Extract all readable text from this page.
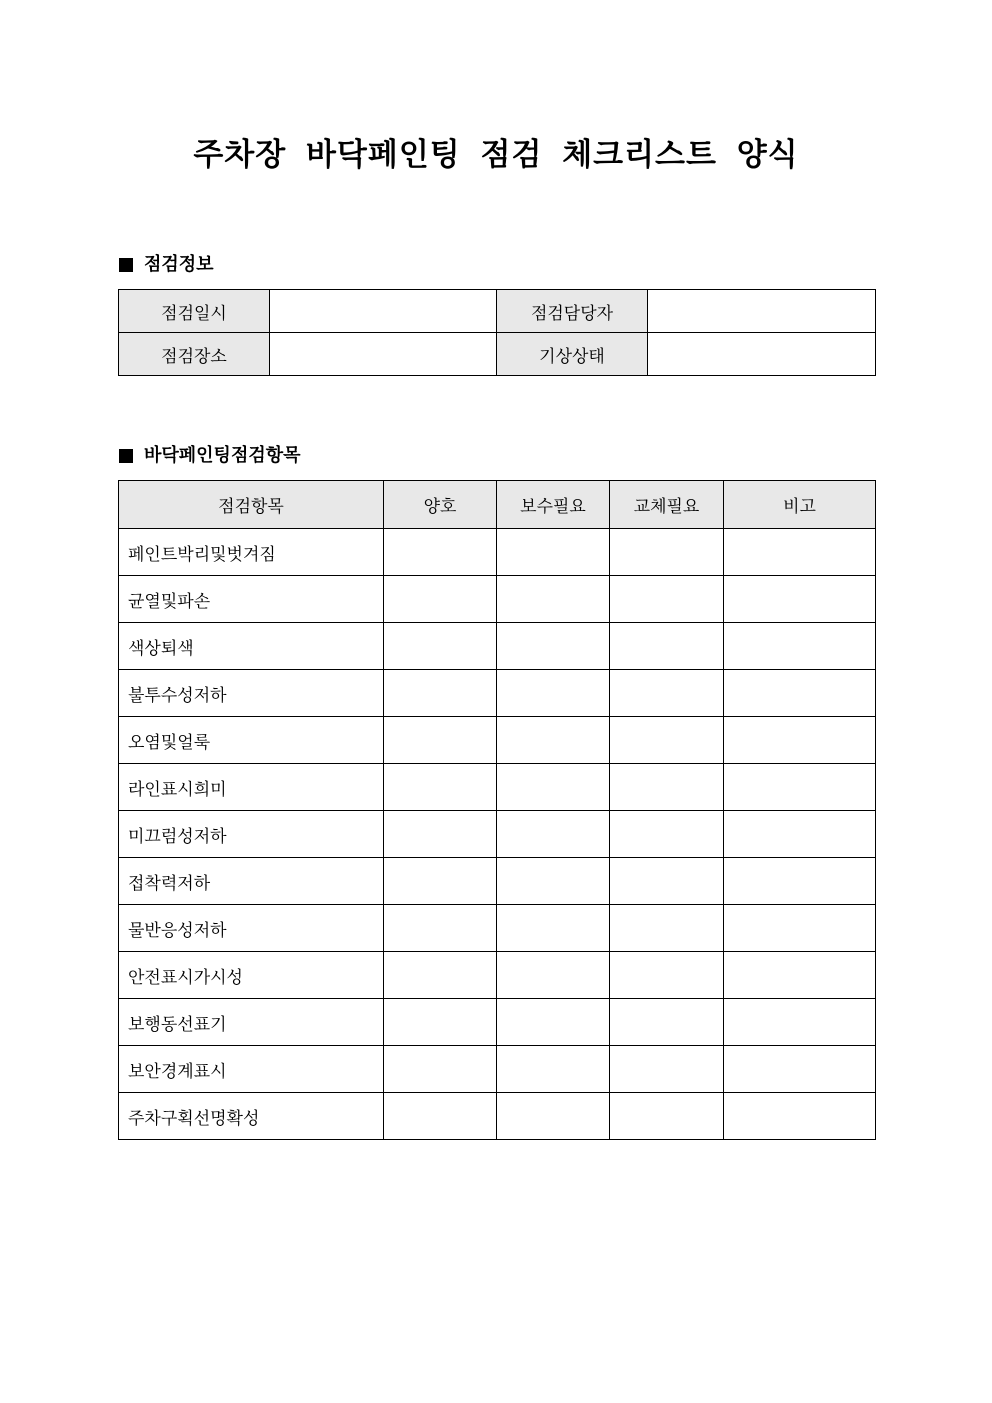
주차장 바닥페인팅 점검 체크리스트 양식
점검정보
점검일시		점검담당자	
점검장소		기상상태	
바닥페인팅점검항목
점검항목	양호	보수필요	교체필요	비고
페인트박리및벗겨짐				
균열및파손				
색상퇴색				
불투수성저하				
오염및얼룩				
라인표시희미				
미끄럼성저하				
접착력저하				
물반응성저하				
안전표시가시성				
보행동선표기				
보안경계표시				
주차구획선명확성				
